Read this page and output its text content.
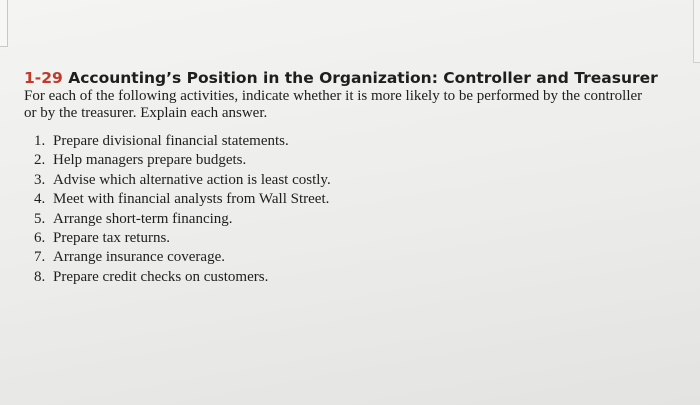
1-29 Accounting’s Position in the Organization: Controller and Treasurer

For each of the following activities, indicate whether it is more likely to be performed by the controller or by the treasurer. Explain each answer.

1. Prepare divisional financial statements.
2. Help managers prepare budgets.
3. Advise which alternative action is least costly.
4. Meet with financial analysts from Wall Street.
5. Arrange short-term financing.
6. Prepare tax returns.
7. Arrange insurance coverage.
8. Prepare credit checks on customers.
